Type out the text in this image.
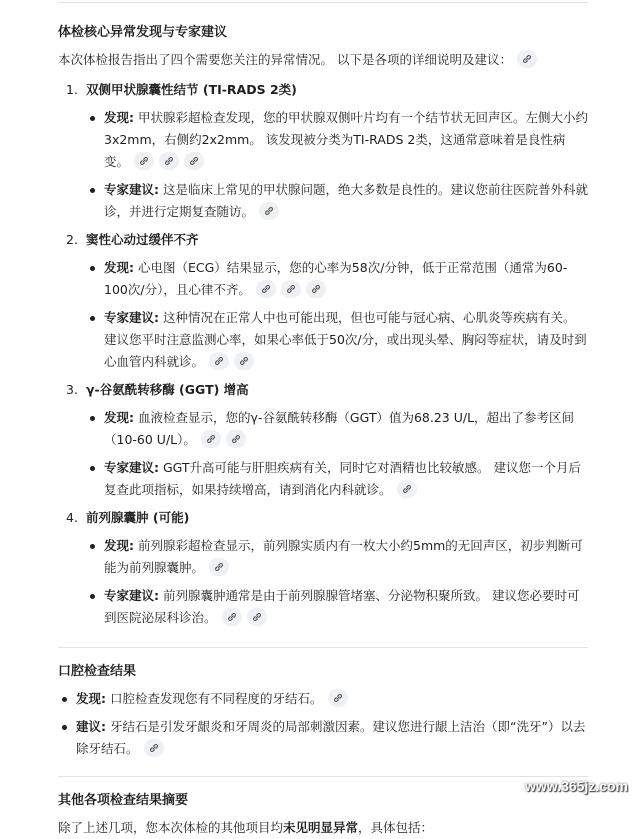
体检核心异常发现与专家建议

本次体检报告指出了四个需要您关注的异常情况。 以下是各项的详细说明及建议：

1. 双侧甲状腺囊性结节 (TI-RADS 2类)
发现: 甲状腺彩超检查发现，您的甲状腺双侧叶片均有一个结节状无回声区。左侧大小约3x2mm，右侧约2x2mm。 该发现被分类为TI-RADS 2类，这通常意味着是良性病变。
专家建议: 这是临床上常见的甲状腺问题，绝大多数是良性的。建议您前往医院普外科就诊，并进行定期复查随访。
2. 窦性心动过缓伴不齐
发现: 心电图（ECG）结果显示，您的心率为58次/分钟，低于正常范围（通常为60-100次/分），且心律不齐。
专家建议: 这种情况在正常人中也可能出现，但也可能与冠心病、心肌炎等疾病有关。 建议您平时注意监测心率，如果心率低于50次/分，或出现头晕、胸闷等症状，请及时到心血管内科就诊。
3. γ-谷氨酰转移酶 (GGT) 增高
发现: 血液检查显示，您的γ-谷氨酰转移酶（GGT）值为68.23 U/L，超出了参考区间（10-60 U/L）。
专家建议: GGT升高可能与肝胆疾病有关，同时它对酒精也比较敏感。 建议您一个月后复查此项指标，如果持续增高，请到消化内科就诊。
4. 前列腺囊肿 (可能)
发现: 前列腺彩超检查显示，前列腺实质内有一枚大小约5mm的无回声区，初步判断可能为前列腺囊肿。
专家建议: 前列腺囊肿通常是由于前列腺腺管堵塞、分泌物积聚所致。 建议您必要时可到医院泌尿科诊治。
口腔检查结果
发现: 口腔检查发现您有不同程度的牙结石。
建议: 牙结石是引发牙龈炎和牙周炎的局部刺激因素。建议您进行龈上洁治（即“洗牙”）以去除牙结石。
其他各项检查结果摘要

除了上述几项，您本次体检的其他项目均未见明显异常，具体包括：

www.365jz.com
